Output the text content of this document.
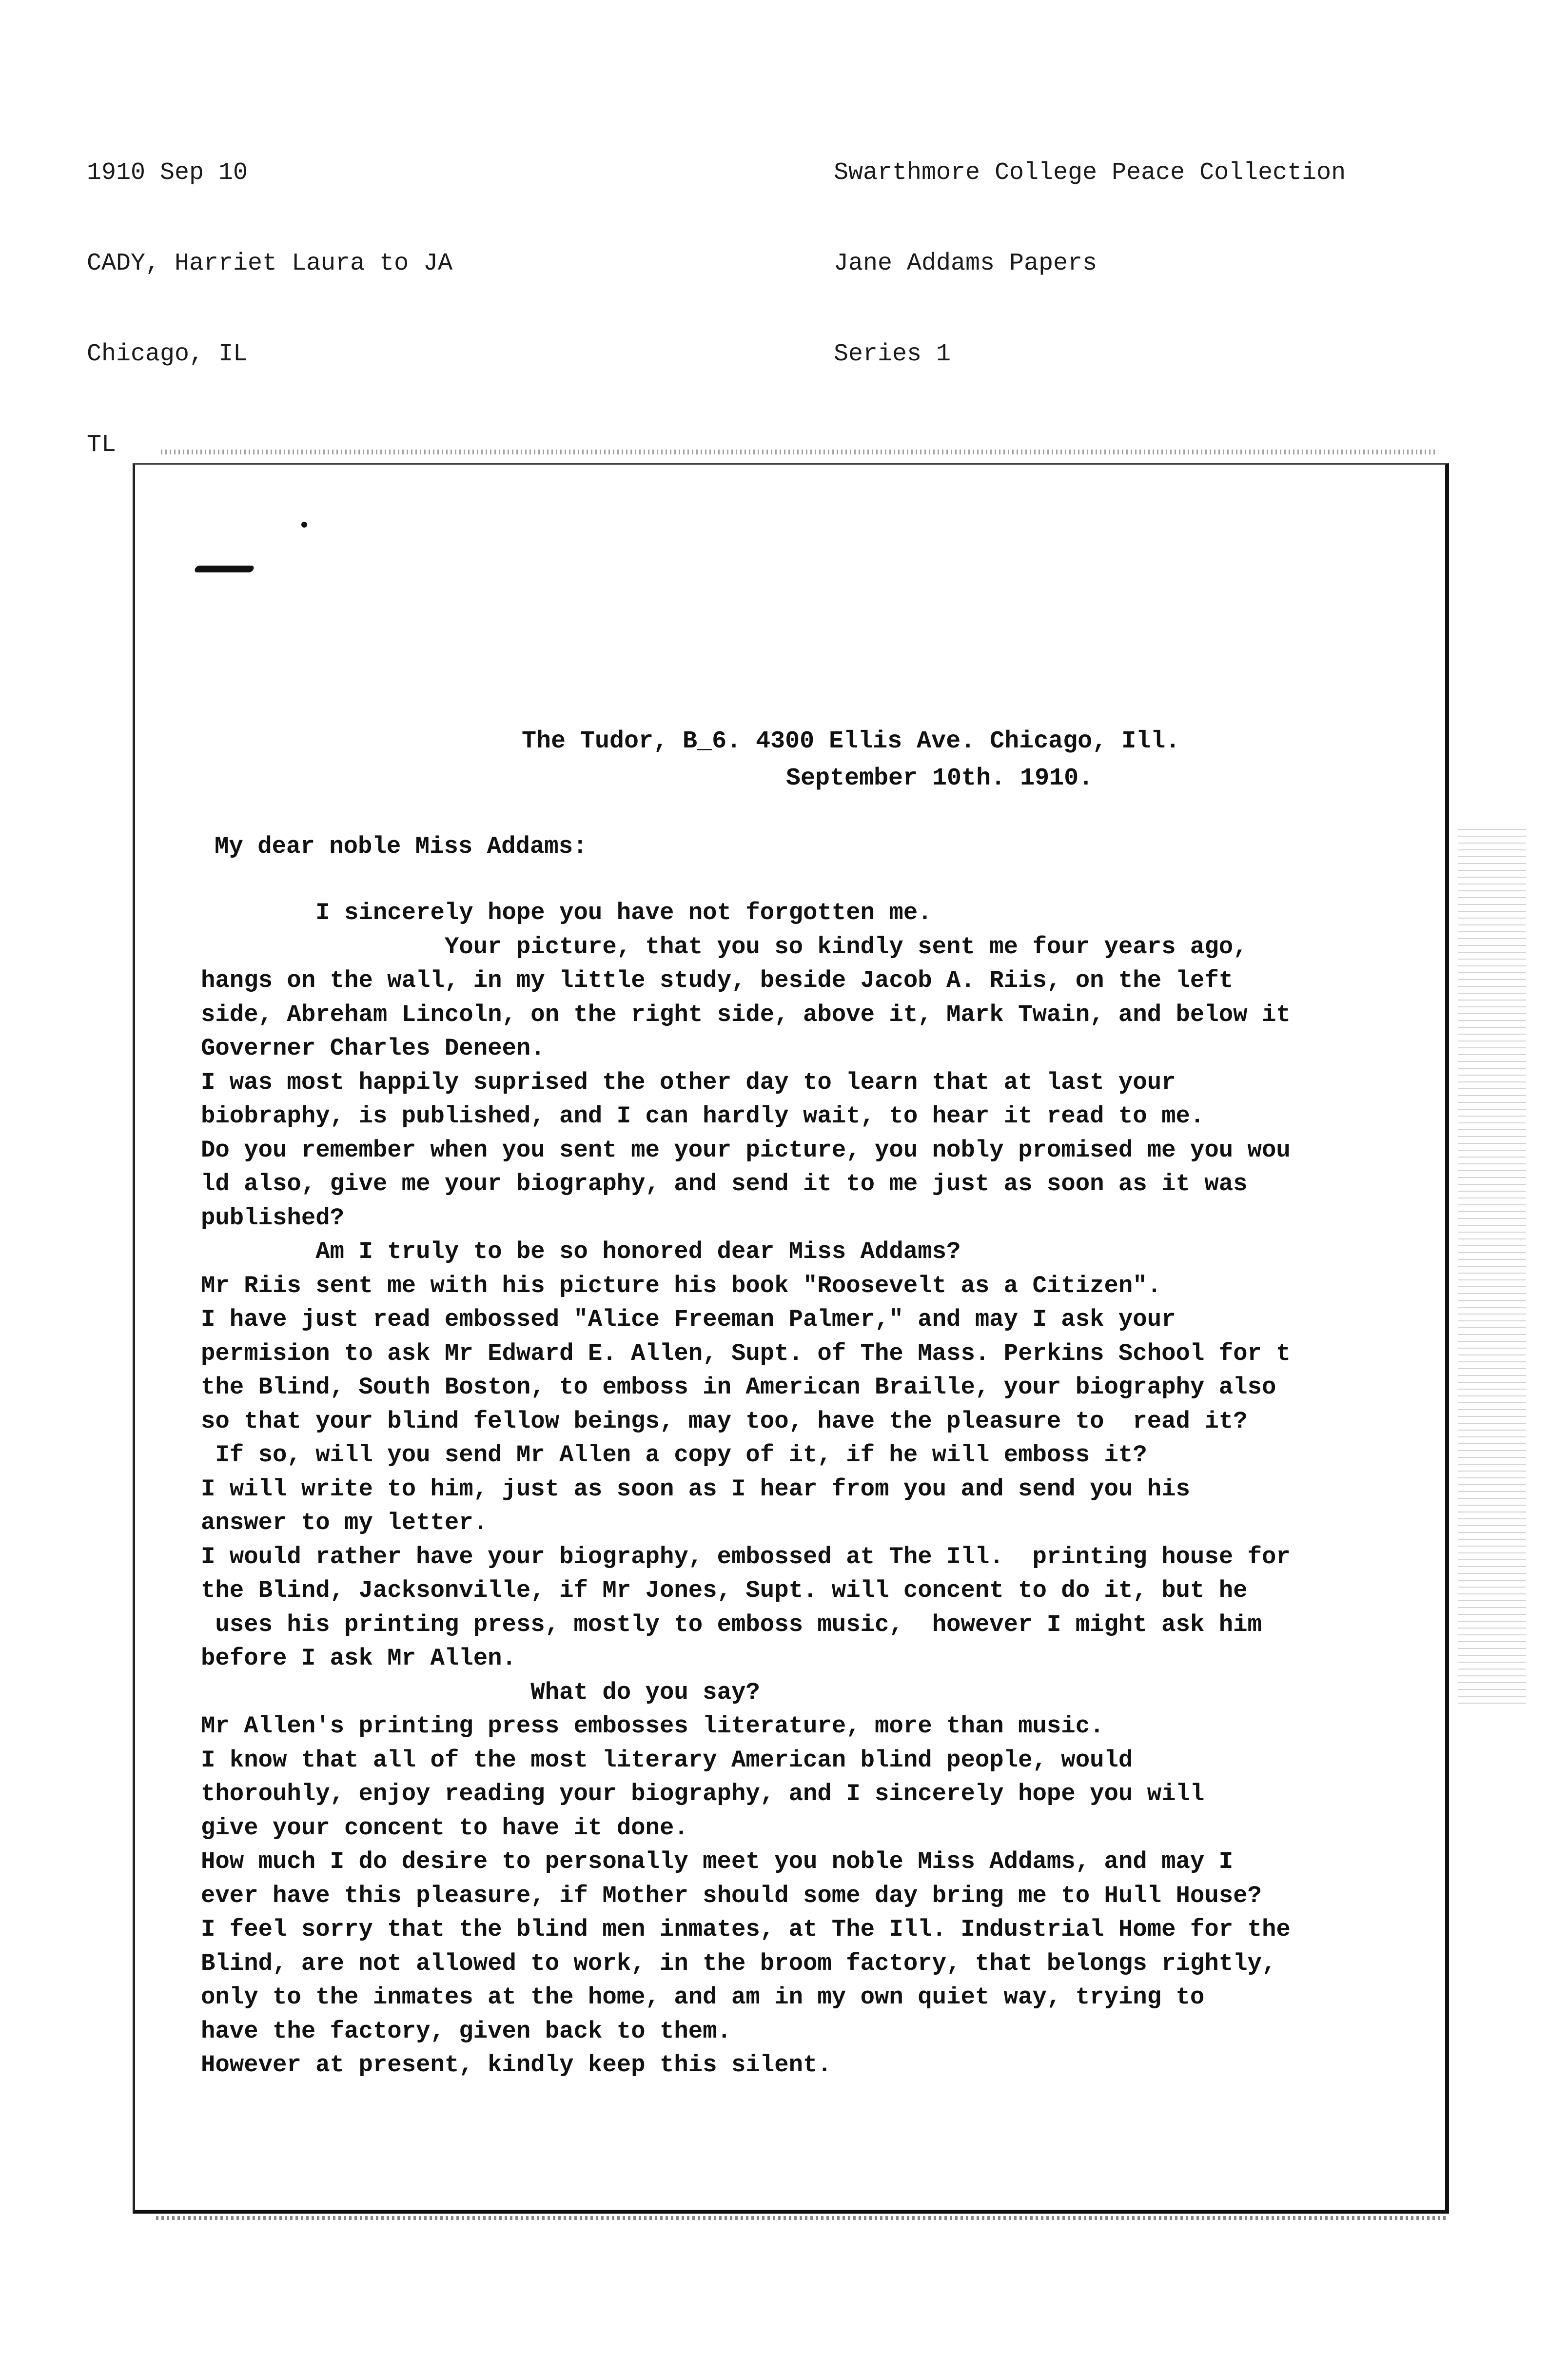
1910 Sep 10

CADY, Harriet Laura to JA

Chicago, IL

TL

Swarthmore College Peace Collection

Jane Addams Papers

Series 1

The Tudor, B_6. 4300 Ellis Ave. Chicago, Ill.
September 10th. 1910.
My dear noble Miss Addams:
I sincerely hope you have not forgotten me.
Your picture, that you so kindly sent me four years ago,
hangs on the wall, in my little study, beside Jacob A. Riis, on the left
side, Abreham Lincoln, on the right side, above it, Mark Twain, and below it
Governer Charles Deneen.
I was most happily suprised the other day to learn that at last your
biobraphy, is published, and I can hardly wait, to hear it read to me.
Do you remember when you sent me your picture, you nobly promised me you wou
ld also, give me your biography, and send it to me just as soon as it was
published?
Am I truly to be so honored dear Miss Addams?
Mr Riis sent me with his picture his book "Roosevelt as a Citizen".
I have just read embossed "Alice Freeman Palmer," and may I ask your
permision to ask Mr Edward E. Allen, Supt. of The Mass. Perkins School for t
the Blind, South Boston, to emboss in American Braille, your biography also
so that your blind fellow beings, may too, have the pleasure to  read it?
If so, will you send Mr Allen a copy of it, if he will emboss it?
I will write to him, just as soon as I hear from you and send you his
answer to my letter.
I would rather have your biography, embossed at The Ill.  printing house for
the Blind, Jacksonville, if Mr Jones, Supt. will concent to do it, but he
uses his printing press, mostly to emboss music,  however I might ask him
before I ask Mr Allen.
What do you say?
Mr Allen's printing press embosses literature, more than music.
I know that all of the most literary American blind people, would
thorouhly, enjoy reading your biography, and I sincerely hope you will
give your concent to have it done.
How much I do desire to personally meet you noble Miss Addams, and may I
ever have this pleasure, if Mother should some day bring me to Hull House?
I feel sorry that the blind men inmates, at The Ill. Industrial Home for the
Blind, are not allowed to work, in the broom factory, that belongs rightly,
only to the inmates at the home, and am in my own quiet way, trying to
have the factory, given back to them.
However at present, kindly keep this silent.
